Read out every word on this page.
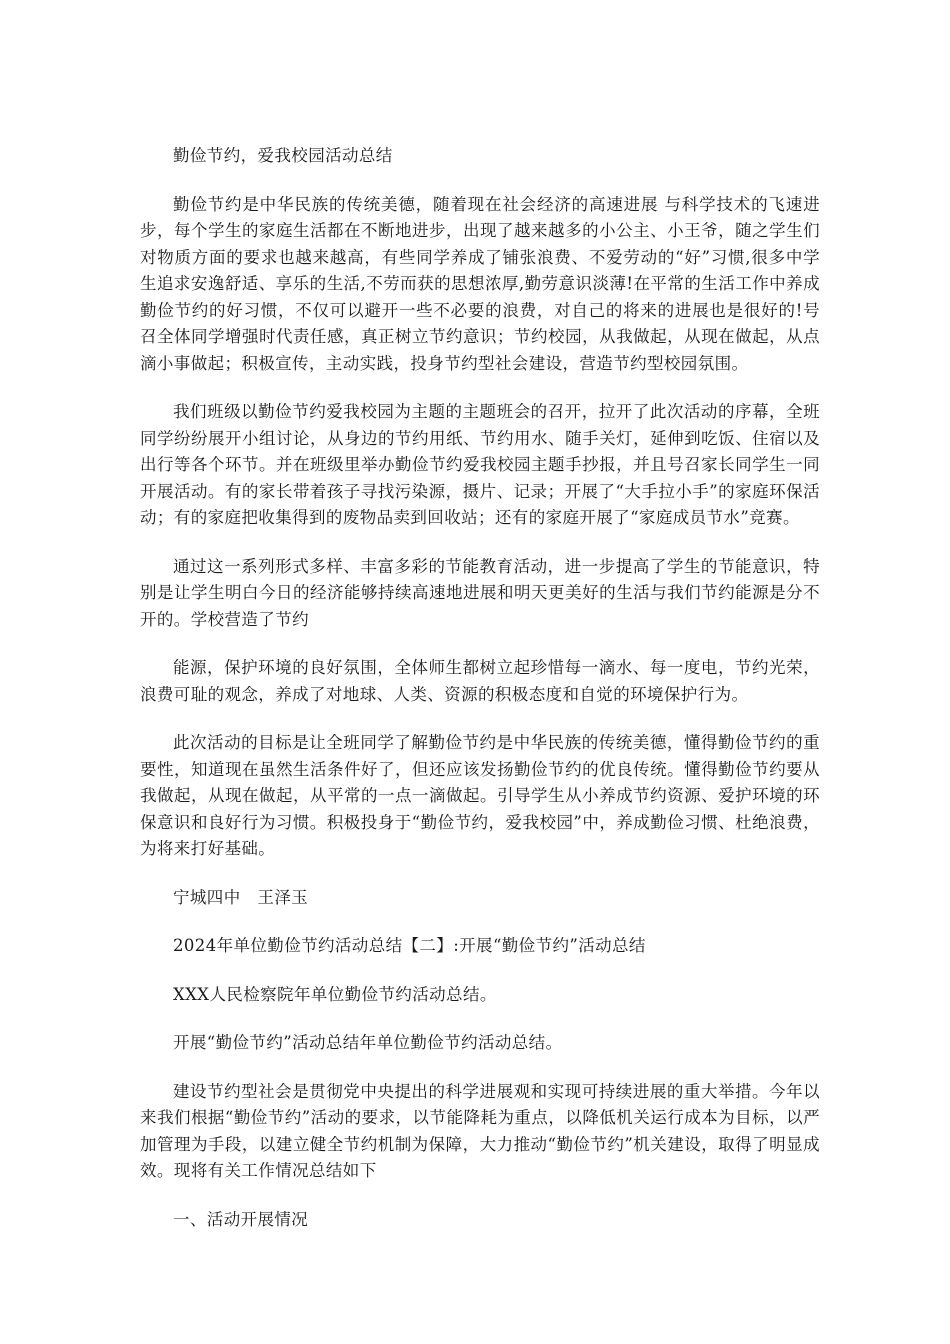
勤俭节约，爱我校园活动总结

勤俭节约是中华民族的传统美德，随着现在社会经济的高速进展 与科学技术的飞速进步，每个学生的家庭生活都在不断地进步，出现了越来越多的小公主、小王爷，随之学生们对物质方面的要求也越来越高，有些同学养成了铺张浪费、不爱劳动的“好”习惯,很多中学生追求安逸舒适、享乐的生活,不劳而获的思想浓厚,勤劳意识淡薄!在平常的生活工作中养成勤俭节约的好习惯，不仅可以避开一些不必要的浪费，对自己的将来的进展也是很好的!号召全体同学增强时代责任感，真正树立节约意识；节约校园，从我做起，从现在做起，从点滴小事做起；积极宣传，主动实践，投身节约型社会建设，营造节约型校园氛围。

我们班级以勤俭节约爱我校园为主题的主题班会的召开，拉开了此次活动的序幕，全班同学纷纷展开小组讨论，从身边的节约用纸、节约用水、随手关灯，延伸到吃饭、住宿以及出行等各个环节。并在班级里举办勤俭节约爱我校园主题手抄报，并且号召家长同学生一同开展活动。有的家长带着孩子寻找污染源，摄片、记录；开展了“大手拉小手”的家庭环保活动；有的家庭把收集得到的废物品卖到回收站；还有的家庭开展了“家庭成员节水”竞赛。

通过这一系列形式多样、丰富多彩的节能教育活动，进一步提高了学生的节能意识，特别是让学生明白今日的经济能够持续高速地进展和明天更美好的生活与我们节约能源是分不开的。学校营造了节约

能源，保护环境的良好氛围，全体师生都树立起珍惜每一滴水、每一度电，节约光荣，浪费可耻的观念，养成了对地球、人类、资源的积极态度和自觉的环境保护行为。

此次活动的目标是让全班同学了解勤俭节约是中华民族的传统美德，懂得勤俭节约的重要性，知道现在虽然生活条件好了，但还应该发扬勤俭节约的优良传统。懂得勤俭节约要从我做起，从现在做起，从平常的一点一滴做起。引导学生从小养成节约资源、爱护环境的环保意识和良好行为习惯。积极投身于“勤俭节约，爱我校园”中，养成勤俭习惯、杜绝浪费，为将来打好基础。

宁城四中　王泽玉

2024年单位勤俭节约活动总结【二】:开展“勤俭节约”活动总结

XXX人民检察院年单位勤俭节约活动总结。

开展“勤俭节约”活动总结年单位勤俭节约活动总结。

建设节约型社会是贯彻党中央提出的科学进展观和实现可持续进展的重大举措。今年以来我们根据“勤俭节约”活动的要求，以节能降耗为重点，以降低机关运行成本为目标，以严加管理为手段，以建立健全节约机制为保障，大力推动“勤俭节约”机关建设，取得了明显成效。现将有关工作情况总结如下

一、活动开展情况
